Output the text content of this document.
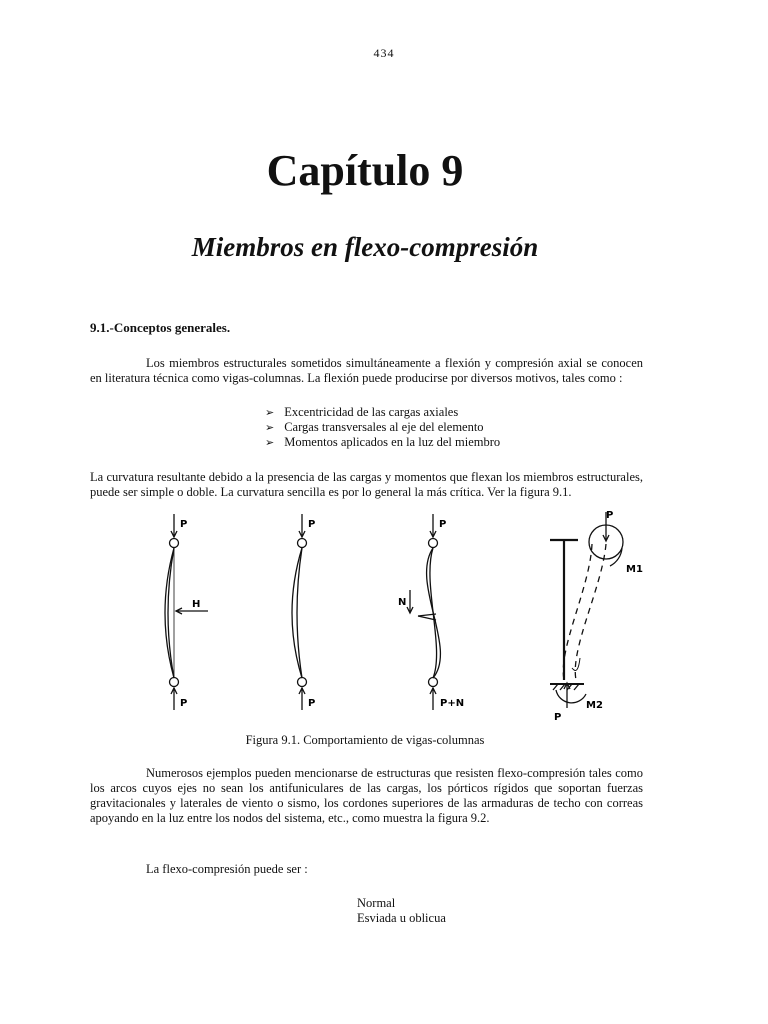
434
Capítulo 9
Miembros en flexo-compresión
9.1.-Conceptos generales.
Los miembros estructurales sometidos simultáneamente a flexión y compresión axial se conocen en literatura técnica como vigas-columnas. La flexión puede producirse por diversos motivos, tales como :
➢ Excentricidad de las cargas axiales
➢ Cargas transversales al eje del elemento
➢ Momentos aplicados en la luz del miembro
La curvatura resultante debido a la presencia de las cargas y momentos que flexan los miembros estructurales, puede ser simple o doble. La curvatura sencilla es por lo general la más crítica. Ver la figura 9.1.
P
P
H
P
P
P
N
P+N
P
M1
M2
P
Figura 9.1. Comportamiento de vigas-columnas
Numerosos ejemplos pueden mencionarse de estructuras que resisten flexo-compresión tales como los arcos cuyos ejes no sean los antifuniculares de las cargas, los pórticos rígidos que soportan fuerzas gravitacionales y laterales de viento o sismo, los cordones superiores de las armaduras de techo con correas apoyando en la luz entre los nodos del sistema, etc., como muestra la figura 9.2.
La flexo-compresión puede ser :
Normal
Esviada u oblicua
